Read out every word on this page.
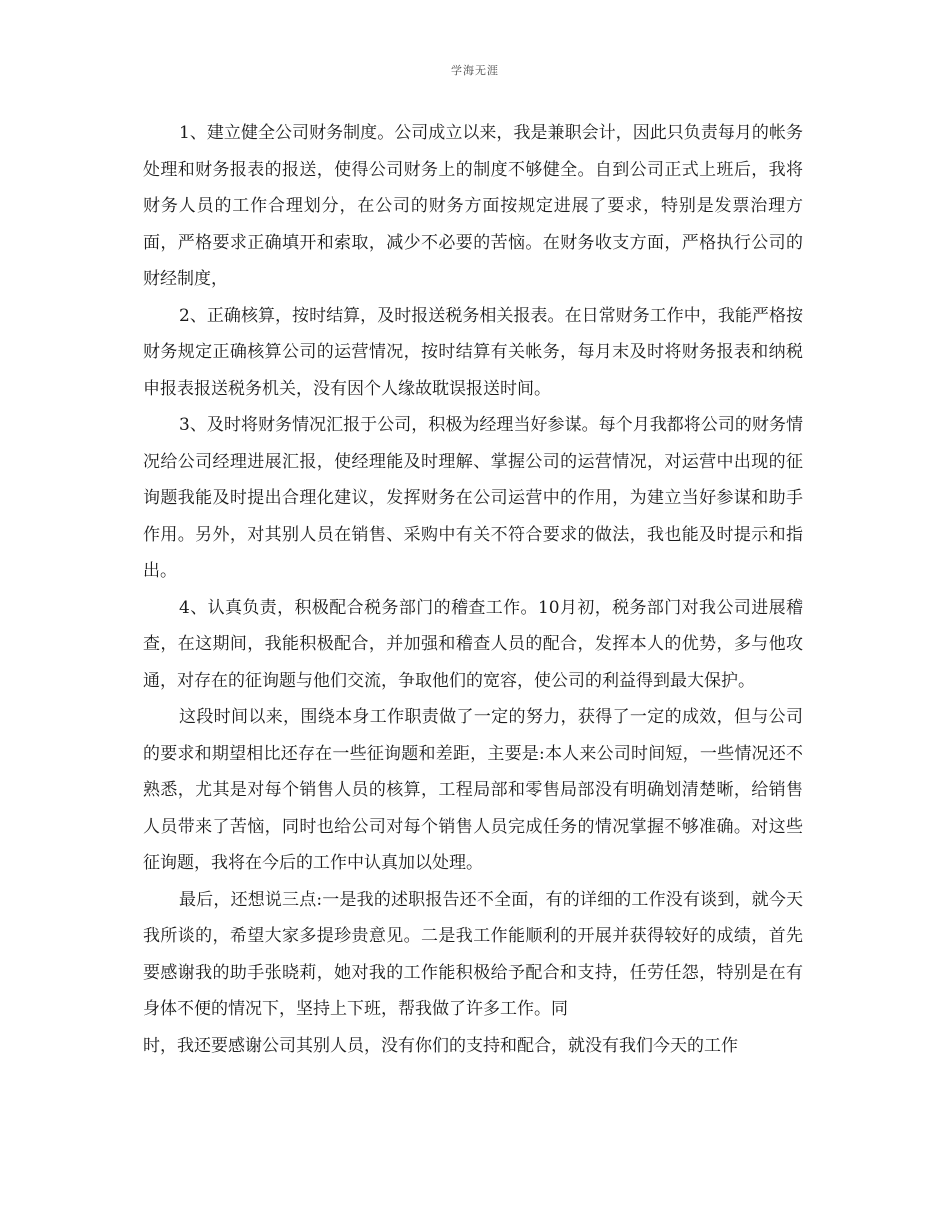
学海无涯

1、建立健全公司财务制度。公司成立以来，我是兼职会计，因此只负责每月的帐务处理和财务报表的报送，使得公司财务上的制度不够健全。自到公司正式上班后，我将财务人员的工作合理划分，在公司的财务方面按规定进展了要求，特别是发票治理方面，严格要求正确填开和索取，减少不必要的苦恼。在财务收支方面，严格执行公司的财经制度，

2、正确核算，按时结算，及时报送税务相关报表。在日常财务工作中，我能严格按财务规定正确核算公司的运营情况，按时结算有关帐务，每月末及时将财务报表和纳税申报表报送税务机关，没有因个人缘故耽误报送时间。

3、及时将财务情况汇报于公司，积极为经理当好参谋。每个月我都将公司的财务情况给公司经理进展汇报，使经理能及时理解、掌握公司的运营情况，对运营中出现的征询题我能及时提出合理化建议，发挥财务在公司运营中的作用，为建立当好参谋和助手作用。另外，对其别人员在销售、采购中有关不符合要求的做法，我也能及时提示和指出。

4、认真负责，积极配合税务部门的稽查工作。10月初，税务部门对我公司进展稽查，在这期间，我能积极配合，并加强和稽查人员的配合，发挥本人的优势，多与他攻通，对存在的征询题与他们交流，争取他们的宽容，使公司的利益得到最大保护。

这段时间以来，围绕本身工作职责做了一定的努力，获得了一定的成效，但与公司的要求和期望相比还存在一些征询题和差距，主要是:本人来公司时间短，一些情况还不熟悉，尤其是对每个销售人员的核算，工程局部和零售局部没有明确划清楚晰，给销售人员带来了苦恼，同时也给公司对每个销售人员完成任务的情况掌握不够准确。对这些征询题，我将在今后的工作中认真加以处理。

最后，还想说三点:一是我的述职报告还不全面，有的详细的工作没有谈到，就今天我所谈的，希望大家多提珍贵意见。二是我工作能顺利的开展并获得较好的成绩，首先要感谢我的助手张晓莉，她对我的工作能积极给予配合和支持，任劳任怨，特别是在有身体不便的情况下，坚持上下班，帮我做了许多工作。同

时，我还要感谢公司其别人员，没有你们的支持和配合，就没有我们今天的工作
